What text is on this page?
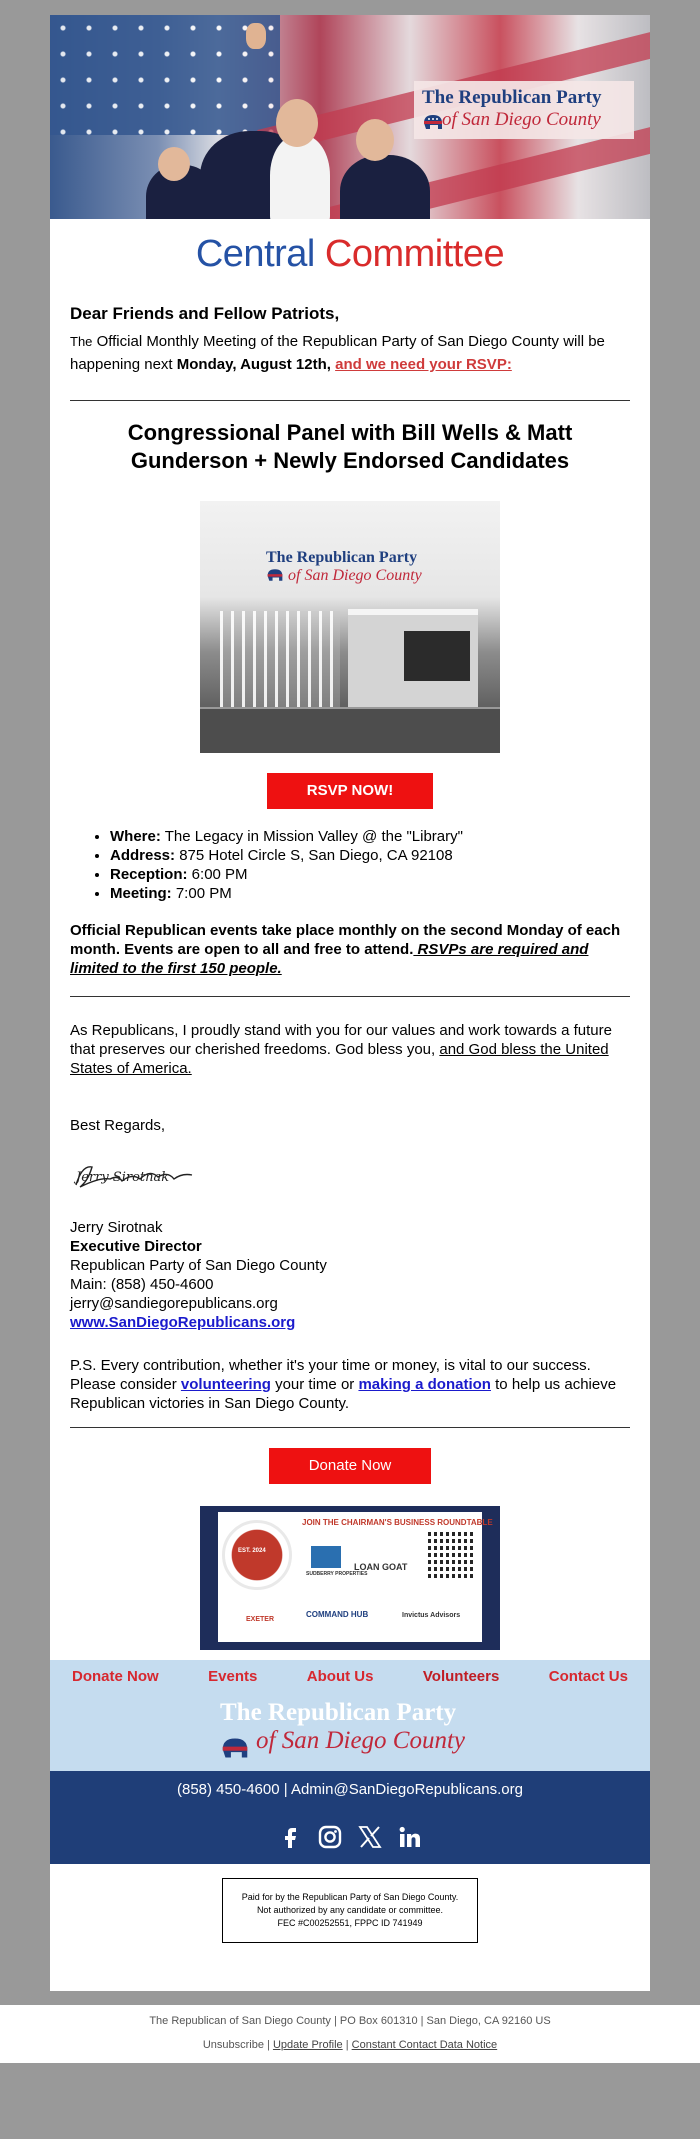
The Republican Party
of San Diego County
Central Committee
Dear Friends and Fellow Patriots,

The Official Monthly Meeting of the Republican Party of San Diego County will be happening next Monday, August 12th, and we need your RSVP:

Congressional Panel with Bill Wells & Matt Gunderson + Newly Endorsed Candidates
The Republican Party
of San Diego County
RSVP NOW!
• Where: The Legacy in Mission Valley @ the "Library"
• Address: 875 Hotel Circle S, San Diego, CA 92108
• Reception: 6:00 PM
• Meeting: 7:00 PM

Official Republican events take place monthly on the second Monday of each month. Events are open to all and free to attend. RSVPs are required and limited to the first 150 people.

As Republicans, I proudly stand with you for our values and work towards a future that preserves our cherished freedoms. God bless you, and God bless the United States of America.

Best Regards,

Jerry Sirotnak
Jerry Sirotnak
Executive Director
Republican Party of San Diego County
Main: (858) 450-4600
jerry@sandiegorepublicans.org
www.SanDiegoRepublicans.org

P.S. Every contribution, whether it's your time or money, is vital to our success. Please consider volunteering your time or making a donation to help us achieve Republican victories in San Diego County.

Donate Now
EST. 2024
JOIN THE CHAIRMAN'S BUSINESS ROUNDTABLE
SUDBERRY PROPERTIES
LOAN GOAT
EXETER
COMMAND HUB	Invictus Advisors
Donate Now	Events	About Us	Volunteers	Contact Us
The Republican Party
of San Diego County
(858) 450-4600 | Admin@SanDiegoRepublicans.org
Paid for by the Republican Party of San Diego County.
Not authorized by any candidate or committee.
FEC #C00252551, FPPC ID 741949
The Republican of San Diego County | PO Box 601310 | San Diego, CA 92160 US
Unsubscribe | Update Profile | Constant Contact Data Notice
